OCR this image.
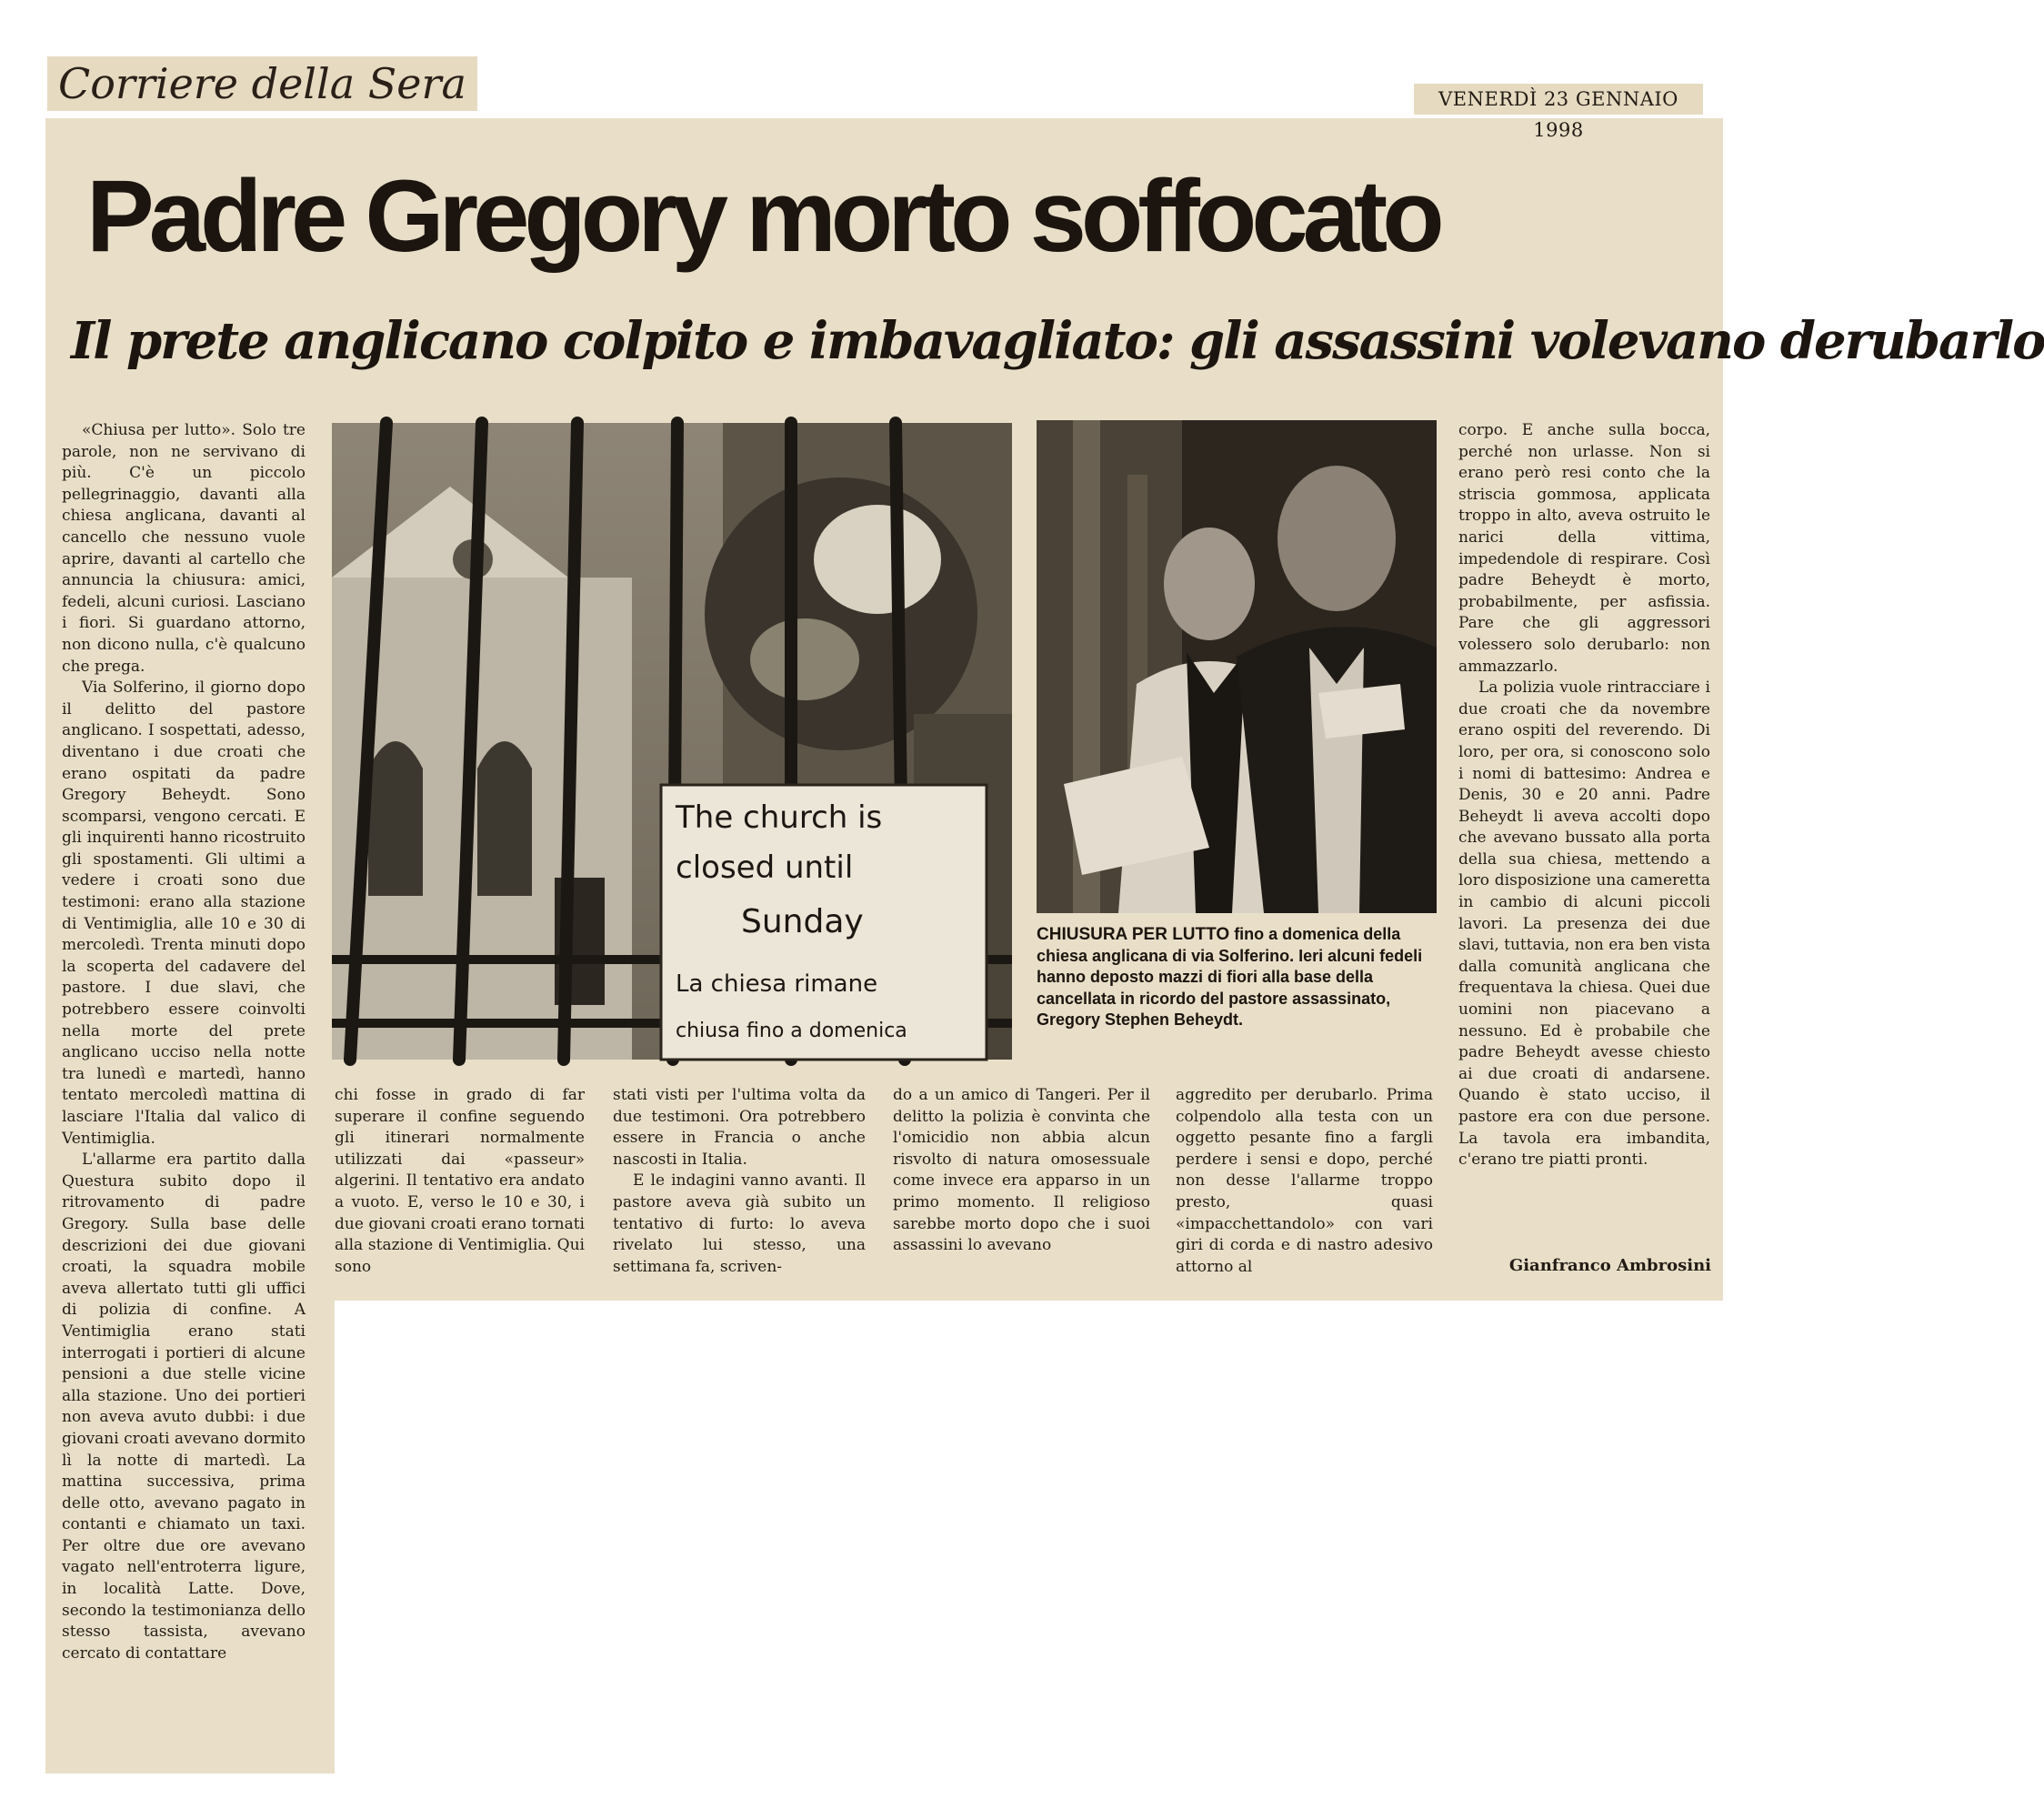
Corriere della Sera	VENERDÌ 23 GENNAIO 1998
Padre Gregory morto soffocato
Il prete anglicano colpito e imbavagliato: gli assassini volevano derubarlo

«Chiusa per lutto». Solo tre parole, non ne servivano di più. C'è un piccolo pellegrinaggio, davanti alla chiesa anglicana, davanti al cancello che nessuno vuole aprire, davanti al cartello che annuncia la chiusura: amici, fedeli, alcuni curiosi. Lasciano i fiori. Si guardano attorno, non dicono nulla, c'è qualcuno che prega.

Via Solferino, il giorno dopo il delitto del pastore anglicano. I sospettati, adesso, diventano i due croati che erano ospitati da padre Gregory Beheydt. Sono scomparsi, vengono cercati. E gli inquirenti hanno ricostruito gli spostamenti. Gli ultimi a vedere i croati sono due testimoni: erano alla stazione di Ventimiglia, alle 10 e 30 di mercoledì. Trenta minuti dopo la scoperta del cadavere del pastore. I due slavi, che potrebbero essere coinvolti nella morte del prete anglicano ucciso nella notte tra lunedì e martedì, hanno tentato mercoledì mattina di lasciare l'Italia dal valico di Ventimiglia.

L'allarme era partito dalla Questura subito dopo il ritrovamento di padre Gregory. Sulla base delle descrizioni dei due giovani croati, la squadra mobile aveva allertato tutti gli uffici di polizia di confine. A Ventimiglia erano stati interrogati i portieri di alcune pensioni a due stelle vicine alla stazione. Uno dei portieri non aveva avuto dubbi: i due giovani croati avevano dormito lì la notte di martedì. La mattina successiva, prima delle otto, avevano pagato in contanti e chiamato un taxi. Per oltre due ore avevano vagato nell'entroterra ligure, in località Latte. Dove, secondo la testimonianza dello stesso tassista, avevano cercato di contattare

The church is
closed until
Sunday
La chiesa rimane
chiusa fino a domenica
CHIUSURA PER LUTTO fino a domenica della chiesa anglicana di via Solferino. Ieri alcuni fedeli hanno deposto mazzi di fiori alla base della cancellata in ricordo del pastore assassinato, Gregory Stephen Beheydt.

chi fosse in grado di far superare il confine seguendo gli itinerari normalmente utilizzati dai «passeur» algerini. Il tentativo era andato a vuoto. E, verso le 10 e 30, i due giovani croati erano tornati alla stazione di Ventimiglia. Qui sono

stati visti per l'ultima volta da due testimoni. Ora potrebbero essere in Francia o anche nascosti in Italia.

E le indagini vanno avanti. Il pastore aveva già subito un tentativo di furto: lo aveva rivelato lui stesso, una settimana fa, scriven-

do a un amico di Tangeri. Per il delitto la polizia è convinta che l'omicidio non abbia alcun risvolto di natura omosessuale come invece era apparso in un primo momento. Il religioso sarebbe morto dopo che i suoi assassini lo avevano

aggredito per derubarlo. Prima colpendolo alla testa con un oggetto pesante fino a fargli perdere i sensi e dopo, perché non desse l'allarme troppo presto, quasi «impacchettandolo» con vari giri di corda e di nastro adesivo attorno al

corpo. E anche sulla bocca, perché non urlasse. Non si erano però resi conto che la striscia gommosa, applicata troppo in alto, aveva ostruito le narici della vittima, impedendole di respirare. Così padre Beheydt è morto, probabilmente, per asfissia. Pare che gli aggressori volessero solo derubarlo: non ammazzarlo.

La polizia vuole rintracciare i due croati che da novembre erano ospiti del reverendo. Di loro, per ora, si conoscono solo i nomi di battesimo: Andrea e Denis, 30 e 20 anni. Padre Beheydt li aveva accolti dopo che avevano bussato alla porta della sua chiesa, mettendo a loro disposizione una cameretta in cambio di alcuni piccoli lavori. La presenza dei due slavi, tuttavia, non era ben vista dalla comunità anglicana che frequentava la chiesa. Quei due uomini non piacevano a nessuno. Ed è probabile che padre Beheydt avesse chiesto ai due croati di andarsene. Quando è stato ucciso, il pastore era con due persone. La tavola era imbandita, c'erano tre piatti pronti.

Gianfranco Ambrosini
